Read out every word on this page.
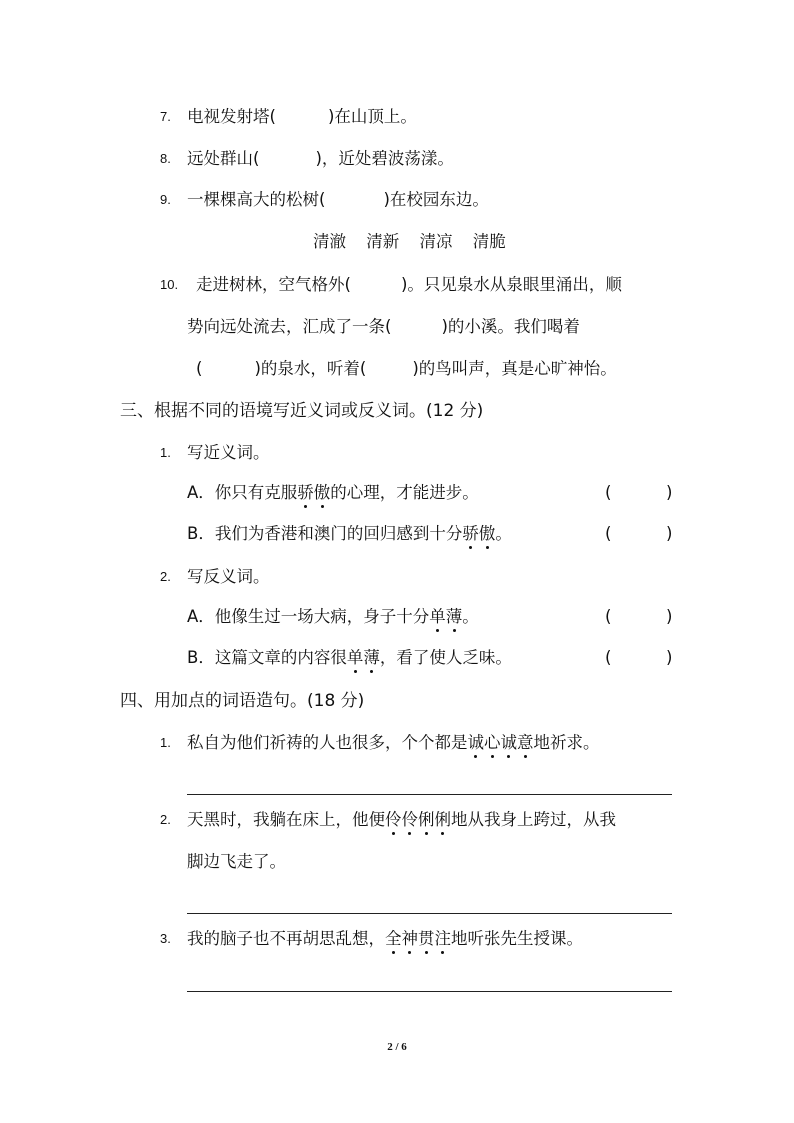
7. 电视发射塔(	)在山顶上。
8. 远处群山(	)，近处碧波荡漾。
9. 一棵棵高大的松树(	)在校园东边。
清澈 清新 清凉 清脆
10. 走进树林，空气格外(	)。只见泉水从泉眼里涌出，顺
势向远处流去，汇成了一条(	)的小溪。我们喝着
(	)的泉水，听着(	)的鸟叫声，真是心旷神怡。
三、根据不同的语境写近义词或反义词。(12 分)
1. 写近义词。
A．你只有克服骄傲的心理，才能进步。	(	)
B．我们为香港和澳门的回归感到十分骄傲。	(	)
2. 写反义词。
A．他像生过一场大病，身子十分单薄。	(	)
B．这篇文章的内容很单薄，看了使人乏味。	(	)
四、用加点的词语造句。(18 分)
1. 私自为他们祈祷的人也很多，个个都是诚心诚意地祈求。
2. 天黑时，我躺在床上，他便伶伶俐俐地从我身上跨过，从我
脚边飞走了。
3. 我的脑子也不再胡思乱想，全神贯注地听张先生授课。
2 / 6
